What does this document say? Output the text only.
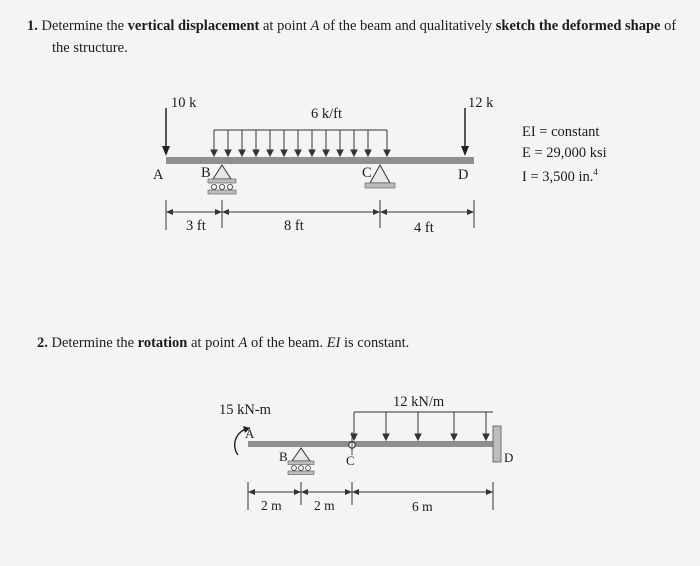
1. Determine the vertical displacement at point A of the beam and qualitatively sketch the deformed shape of
the structure.
10 k	12 k
6 k/ft
A	B	C	D
3 ft	8 ft	4 ft
EI = constant
E = 29,000 ksi
I = 3,500 in.$^4$
2. Determine the rotation at point A of the beam. EI is constant.
15 kN-m	12 kN/m
A
B	C	D
2 m 2 m	6 m
